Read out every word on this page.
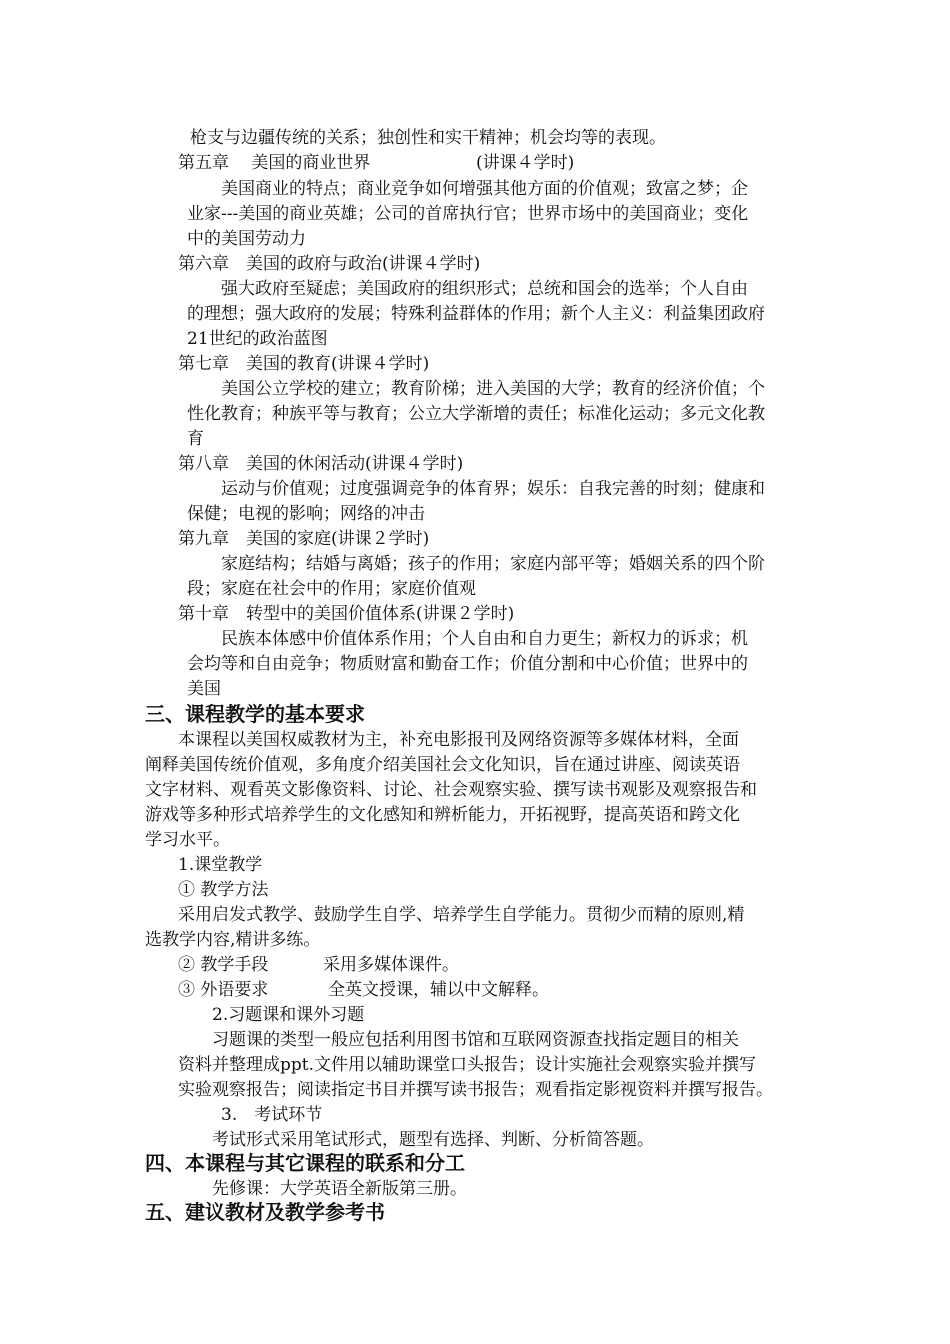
枪支与边疆传统的关系；独创性和实干精神；机会均等的表现。
第五章　 美国的商业世界	(讲课４学时)
美国商业的特点；商业竞争如何增强其他方面的价值观；致富之梦；企
业家---美国的商业英雄；公司的首席执行官；世界市场中的美国商业；变化
中的美国劳动力
第六章　美国的政府与政治(讲课４学时)
强大政府至疑虑；美国政府的组织形式；总统和国会的选举；个人自由
的理想；强大政府的发展；特殊利益群体的作用；新个人主义：利益集团政府
21世纪的政治蓝图
第七章　美国的教育(讲课４学时)
美国公立学校的建立；教育阶梯；进入美国的大学；教育的经济价值；个
性化教育；种族平等与教育；公立大学渐增的责任；标准化运动；多元文化教
育
第八章　美国的休闲活动(讲课４学时)
运动与价值观；过度强调竞争的体育界；娱乐：自我完善的时刻；健康和
保健；电视的影响；网络的冲击
第九章　美国的家庭(讲课２学时)
家庭结构；结婚与离婚；孩子的作用；家庭内部平等；婚姻关系的四个阶
段；家庭在社会中的作用；家庭价值观
第十章　转型中的美国价值体系(讲课２学时)
民族本体感中价值体系作用；个人自由和自力更生；新权力的诉求；机
会均等和自由竞争；物质财富和勤奋工作；价值分割和中心价值；世界中的
美国
三、课程教学的基本要求
本课程以美国权威教材为主，补充电影报刊及网络资源等多媒体材料，全面
阐释美国传统价值观，多角度介绍美国社会文化知识，旨在通过讲座、阅读英语
文字材料、观看英文影像资料、讨论、社会观察实验、撰写读书观影及观察报告和
游戏等多种形式培养学生的文化感知和辨析能力，开拓视野，提高英语和跨文化
学习水平。
1.课堂教学
① 教学方法
采用启发式教学、鼓励学生自学、培养学生自学能力。贯彻少而精的原则,精
选教学内容,精讲多练。
② 教学手段	采用多媒体课件。
③ 外语要求	全英文授课，辅以中文解释。
2.习题课和课外习题
习题课的类型一般应包括利用图书馆和互联网资源查找指定题目的相关
资料并整理成ppt.文件用以辅助课堂口头报告；设计实施社会观察实验并撰写
实验观察报告；阅读指定书目并撰写读书报告；观看指定影视资料并撰写报告。
3.　考试环节
考试形式采用笔试形式，题型有选择、判断、分析简答题。
四、本课程与其它课程的联系和分工
先修课：大学英语全新版第三册。
五、建议教材及教学参考书
